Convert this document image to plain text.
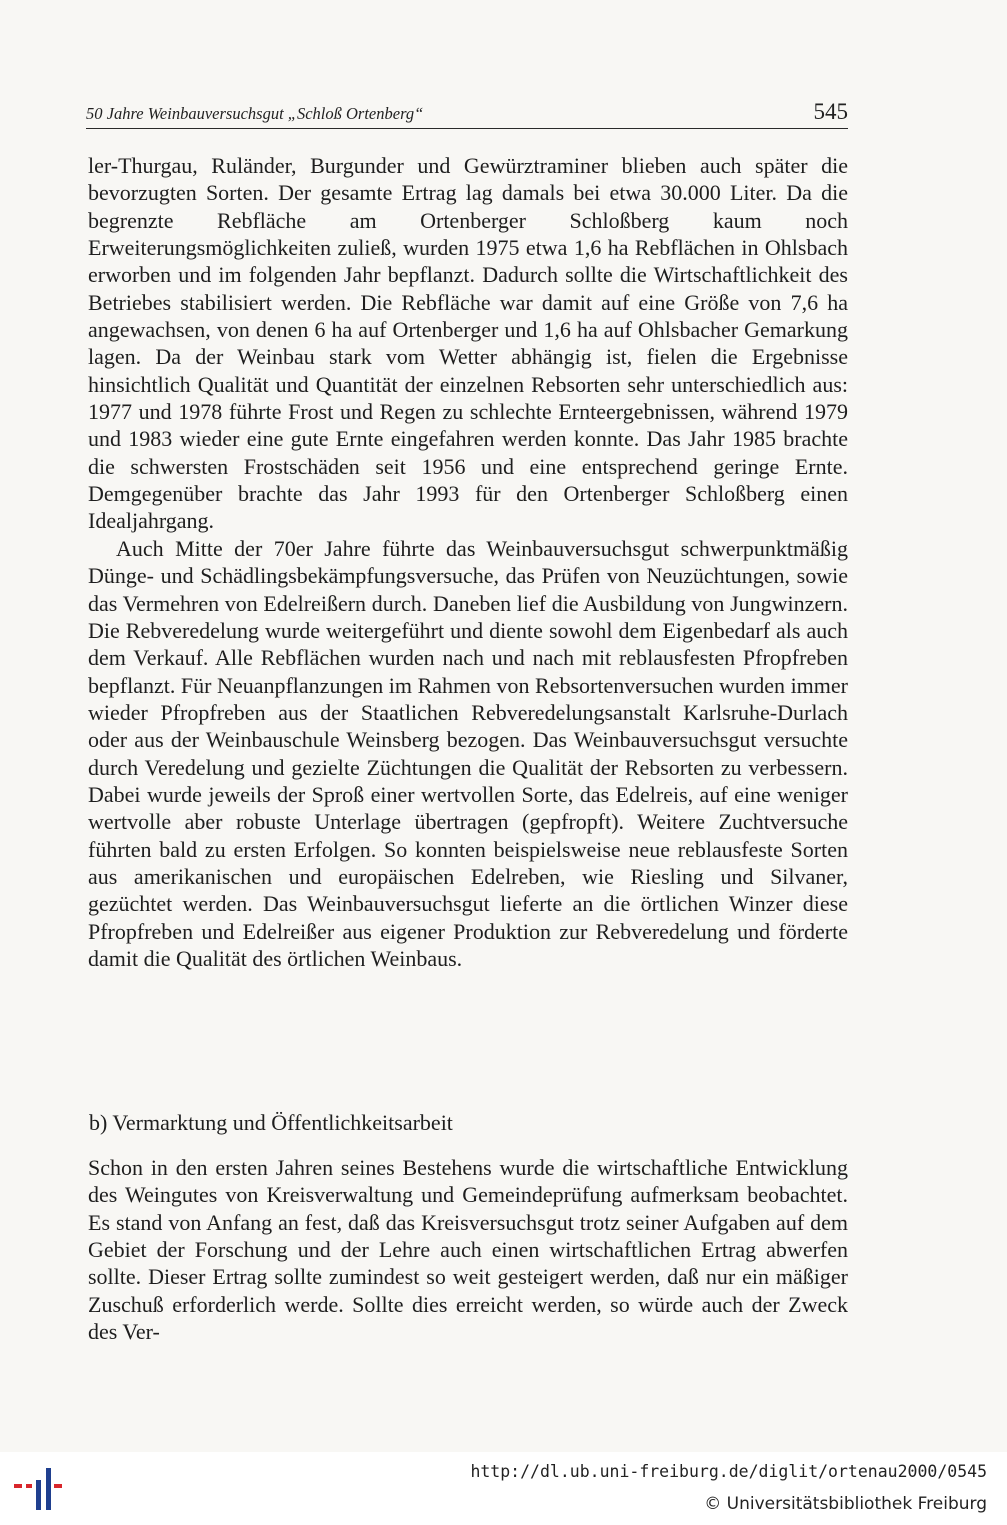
50 Jahre Weinbauversuchsgut „Schloß Ortenberg“	545

ler-Thurgau, Ruländer, Burgunder und Gewürztraminer blieben auch später die bevorzugten Sorten. Der gesamte Ertrag lag damals bei etwa 30.000 Liter. Da die begrenzte Rebfläche am Ortenberger Schloßberg kaum noch Erweiterungsmöglichkeiten zuließ, wurden 1975 etwa 1,6 ha Rebflächen in Ohlsbach erworben und im folgenden Jahr bepflanzt. Dadurch sollte die Wirtschaftlichkeit des Betriebes stabilisiert werden. Die Rebfläche war damit auf eine Größe von 7,6 ha angewachsen, von denen 6 ha auf Ortenberger und 1,6 ha auf Ohlsbacher Gemarkung lagen. Da der Weinbau stark vom Wetter abhängig ist, fielen die Ergebnisse hinsichtlich Qualität und Quantität der einzelnen Rebsorten sehr unterschiedlich aus: 1977 und 1978 führte Frost und Regen zu schlechte Ernteergebnissen, während 1979 und 1983 wieder eine gute Ernte eingefahren werden konnte. Das Jahr 1985 brachte die schwersten Frostschäden seit 1956 und eine entsprechend geringe Ernte. Demgegenüber brachte das Jahr 1993 für den Ortenberger Schloßberg einen Idealjahrgang.

Auch Mitte der 70er Jahre führte das Weinbauversuchsgut schwerpunktmäßig Dünge- und Schädlingsbekämpfungsversuche, das Prüfen von Neuzüchtungen, sowie das Vermehren von Edelreißern durch. Daneben lief die Ausbildung von Jungwinzern. Die Rebveredelung wurde weitergeführt und diente sowohl dem Eigenbedarf als auch dem Verkauf. Alle Rebflächen wurden nach und nach mit reblausfesten Pfropfreben bepflanzt. Für Neuanpflanzungen im Rahmen von Rebsortenversuchen wurden immer wieder Pfropfreben aus der Staatlichen Rebveredelungsanstalt Karlsruhe-Durlach oder aus der Weinbauschule Weinsberg bezogen. Das Weinbauversuchsgut versuchte durch Veredelung und gezielte Züchtungen die Qualität der Rebsorten zu verbessern. Dabei wurde jeweils der Sproß einer wertvollen Sorte, das Edelreis, auf eine weniger wertvolle aber robuste Unterlage übertragen (gepfropft). Weitere Zuchtversuche führten bald zu ersten Erfolgen. So konnten beispielsweise neue reblausfeste Sorten aus amerikanischen und europäischen Edelreben, wie Riesling und Silvaner, gezüchtet werden. Das Weinbauversuchsgut lieferte an die örtlichen Winzer diese Pfropfreben und Edelreißer aus eigener Produktion zur Rebveredelung und förderte damit die Qualität des örtlichen Weinbaus.

b) Vermarktung und Öffentlichkeitsarbeit

Schon in den ersten Jahren seines Bestehens wurde die wirtschaftliche Entwicklung des Weingutes von Kreisverwaltung und Gemeindeprüfung aufmerksam beobachtet. Es stand von Anfang an fest, daß das Kreisversuchsgut trotz seiner Aufgaben auf dem Gebiet der Forschung und der Lehre auch einen wirtschaftlichen Ertrag abwerfen sollte. Dieser Ertrag sollte zumindest so weit gesteigert werden, daß nur ein mäßiger Zuschuß erforderlich werde. Sollte dies erreicht werden, so würde auch der Zweck des Ver-

http://dl.ub.uni-freiburg.de/diglit/ortenau2000/0545
© Universitätsbibliothek Freiburg
